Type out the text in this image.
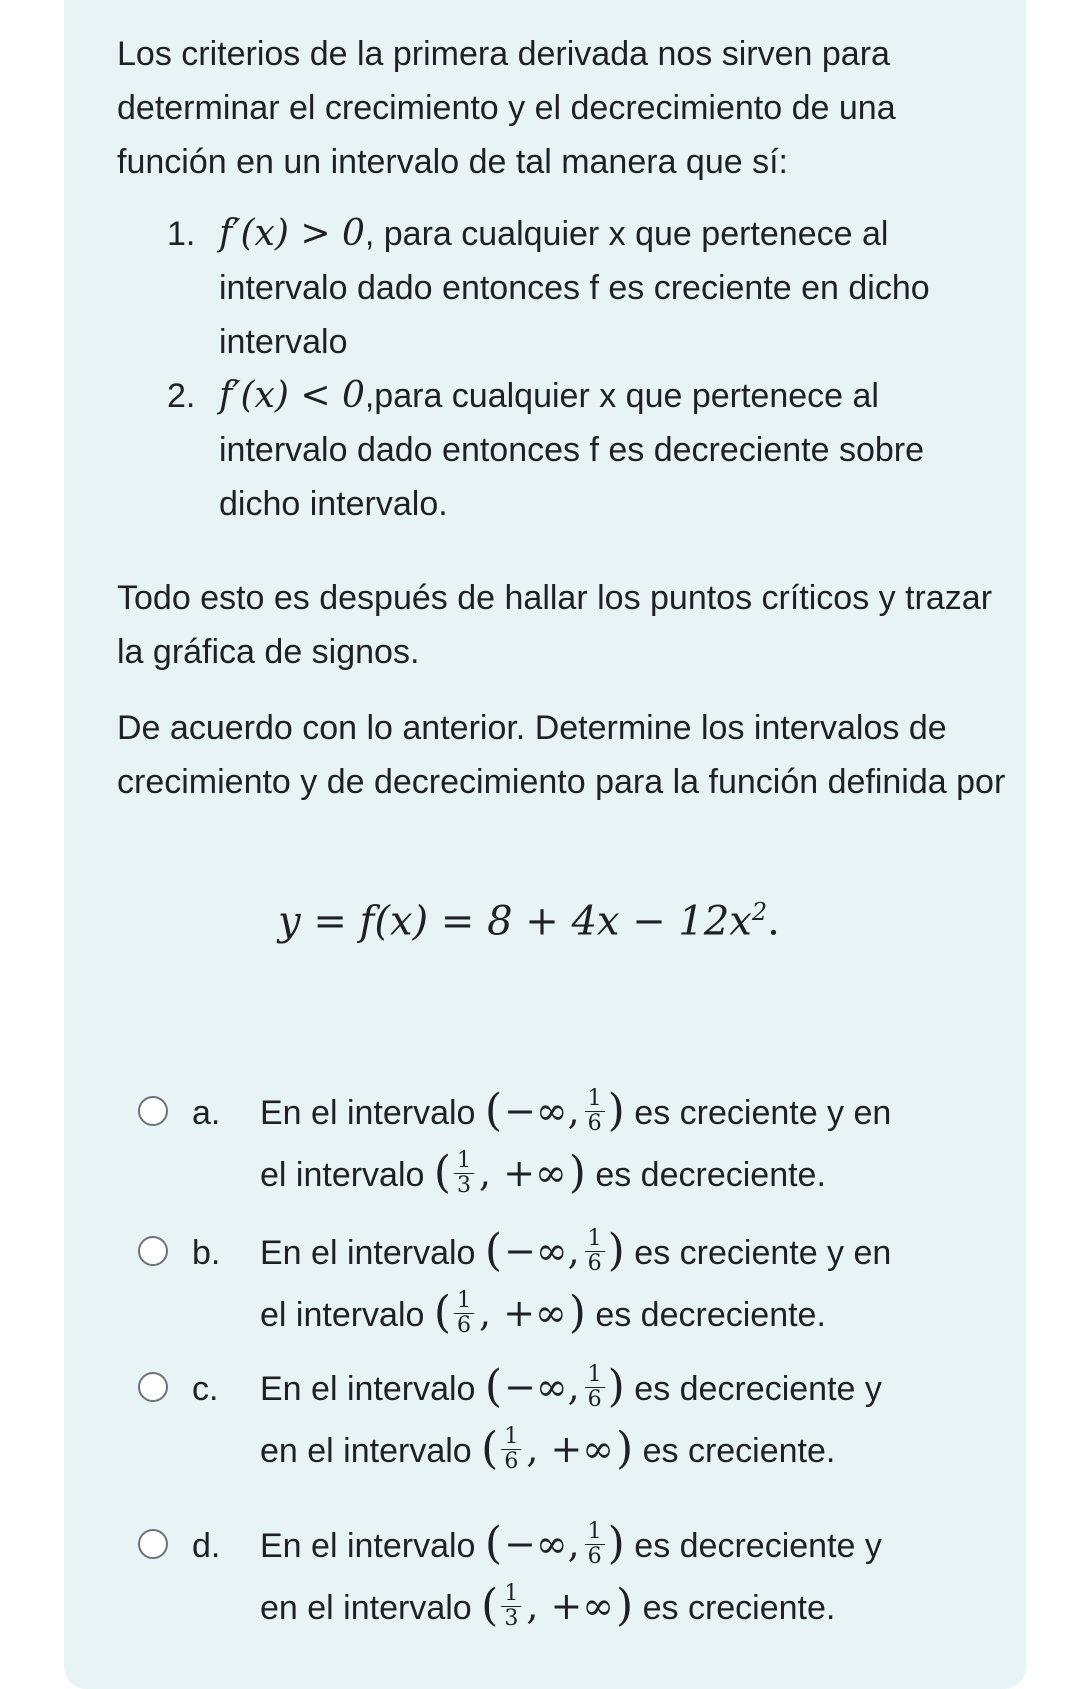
Los criterios de la primera derivada nos sirven para determinar el crecimiento y el decrecimiento de una función en un intervalo de tal manera que sí:
1. f′(x) > 0, para cualquier x que pertenece al intervalo dado entonces f es creciente en dicho intervalo
2. f′(x) < 0,para cualquier x que pertenece al intervalo dado entonces f es decreciente sobre dicho intervalo.
Todo esto es después de hallar los puntos críticos y trazar la gráfica de signos.
De acuerdo con lo anterior. Determine los intervalos de crecimiento y de decrecimiento para la función definida por
$y = f(x) = 8 + 4x - 12x^2$.
a. En el intervalo ( −∞, $\frac{1}{6}$ ) es creciente y en
el intervalo ( $\frac{1}{3}$ , +∞ ) es decreciente.
b. En el intervalo ( −∞, $\frac{1}{6}$ ) es creciente y en
el intervalo ( $\frac{1}{6}$ , +∞ ) es decreciente.
c. En el intervalo ( −∞, $\frac{1}{6}$ ) es decreciente y
en el intervalo ( $\frac{1}{6}$ , +∞ ) es creciente.
d. En el intervalo ( −∞, $\frac{1}{6}$ ) es decreciente y
en el intervalo ( $\frac{1}{3}$ , +∞ ) es creciente.
